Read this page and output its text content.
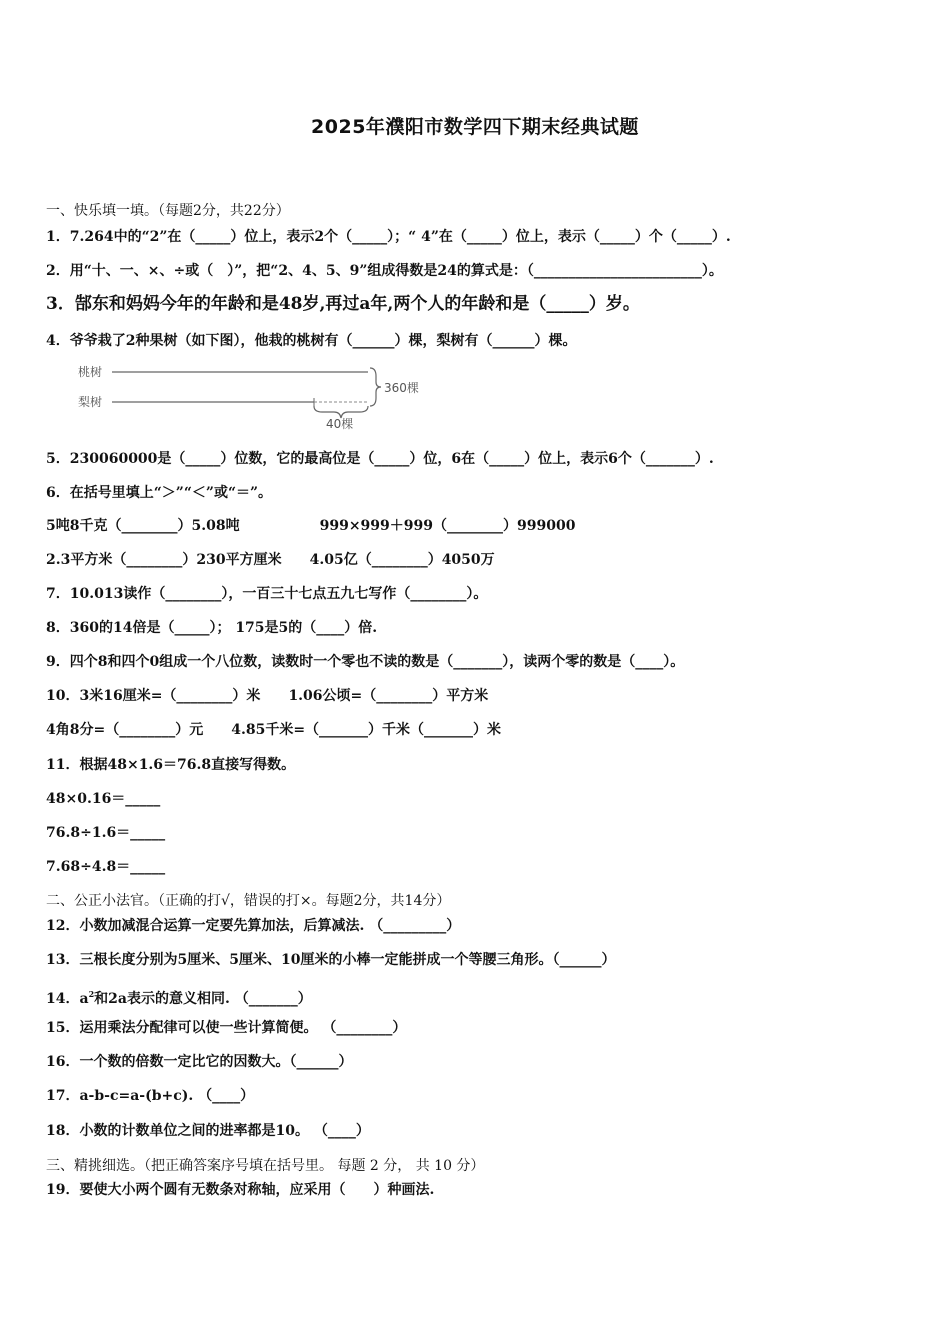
2025年濮阳市数学四下期末经典试题
一、快乐填一填。（每题2分，共22分）
1．7.264中的“2”在（_____）位上，表示2个（_____）；“ 4”在（_____）位上，表示（_____）个（_____）.
2．用“十、一、×、÷或（　）”，把“2、4、5、9”组成得数是24的算式是：（________________________）。
3．郜东和妈妈今年的年龄和是48岁,再过a年,两个人的年龄和是（_____）岁。
4．爷爷栽了2种果树（如下图），他栽的桃树有（______）棵，梨树有（______）棵。
桃树
梨树
360棵
40棵
5．230060000是（_____）位数，它的最高位是（_____）位，6在（_____）位上，表示6个（_______）.
6．在括号里填上“＞”“＜”或“＝”。
5吨8千克（________）5.08吨	999×999＋999（________）999000
2.3平方米（________）230平方厘米 4.05亿（________）4050万
7．10.013读作（________），一百三十七点五九七写作（________）。
8．360的14倍是（_____）； 175是5的（____）倍.
9．四个8和四个0组成一个八位数，读数时一个零也不读的数是（_______），读两个零的数是（____）。
10．3米16厘米=（________）米 1.06公顷=（________）平方米
4角8分=（________）元 4.85千米=（_______）千米（_______）米
11．根据48×1.6＝76.8直接写得数。
48×0.16＝_____
76.8÷1.6＝_____
7.68÷4.8＝_____
二、公正小法官。（正确的打√，错误的打×。每题2分，共14分）
12．小数加减混合运算一定要先算加法，后算减法. （_________）
13．三根长度分别为5厘米、5厘米、10厘米的小棒一定能拼成一个等腰三角形。（______）
14．$a^2$和2a表示的意义相同. （_______）
15．运用乘法分配律可以使一些计算简便。 （________）
16．一个数的倍数一定比它的因数大。（______）
17．a-b-c=a-(b+c). （____）
18．小数的计数单位之间的进率都是10。 （____）
三、精挑细选。（把正确答案序号填在括号里。 每题 2 分， 共 10 分）
19．要使大小两个圆有无数条对称轴，应采用（　　）种画法.
